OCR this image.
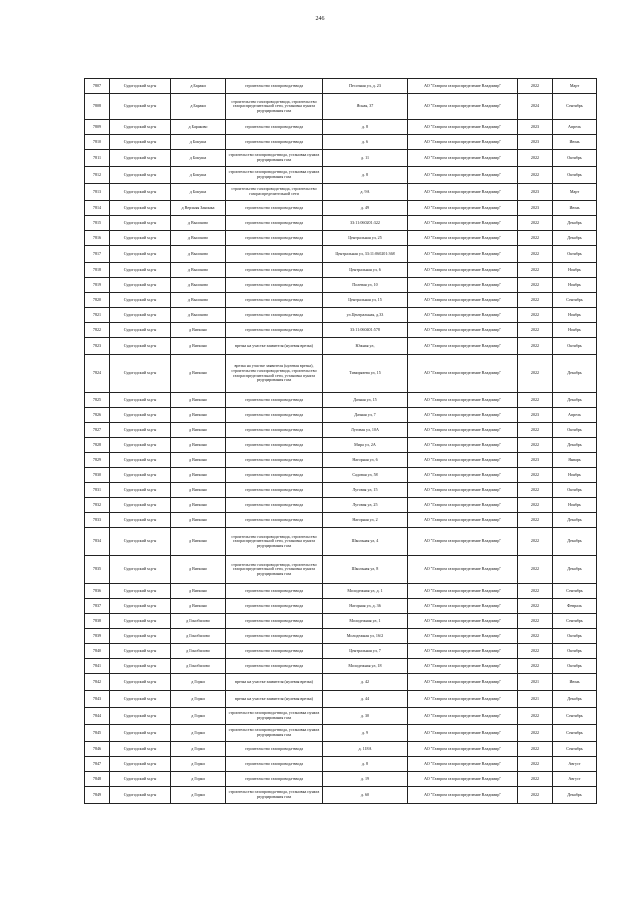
246
7807	Судогодский м.р-н	д Бараки	строительство газопровода-ввода	Песочная ул, д. 23	АО "Газпром газораспределение Владимир"	2022	Март
7808	Судогодский м р-н	д Бараки	строительство газопровода-ввода, строительство газораспределительной сети, установка пункта редуцирования газа	Ясная, 37	АО "Газпром газораспределение Владимир"	2024	Сентябрь
7809	Судогодский м.р-н	д Бараково	строительство газопровода-ввода	д. 8	АО "Газпром газораспределение Владимир"	2023	Апрель
7810	Судогодский м.р-н	д Бокуша	строительство газопровода-ввода	д. 6	АО "Газпром газораспределение Владимир"	2023	Июнь
7811	Судогодский м.р-н	д Бокуша	строительство газопровода-ввода, установка пункта редуцирования газа	д. 11	АО "Газпром газораспределение Владимир"	2022	Октябрь
7812	Судогодский м.р-н	д Бокуша	строительство газопровода-ввода, установка пункта редуцирования газа	д. 8	АО "Газпром газораспределение Владимир"	2022	Октябрь
7813	Судогодский м.р-н	д Бокуша	строительство газопровода-ввода, строительство газораспределительной сети	д. 9А	АО "Газпром газораспределение Владимир"	2023	Март
7814	Судогодский м.р-н	д Верхняя Занинка	строительство газопровода-ввода	д. 49	АО "Газпром газораспределение Владимир"	2023	Июнь
7815	Судогодский м.р-н	д Высоково	строительство газопровода-ввода	33:11:060201:322	АО "Газпром газораспределение Владимир"	2022	Декабрь
7816	Судогодский м.р-н	д Высоково	строительство газопровода-ввода	Центральная ул, 25	АО "Газпром газораспределение Владимир"	2022	Декабрь
7817	Судогодский м.р-н	д Высоково	строительство газопровода-ввода	Центральная ул, 33:11:060201:368	АО "Газпром газораспределение Владимир"	2022	Октябрь
7818	Судогодский м.р-н	д Высоково	строительство газопровода-ввода	Центральная ул, 6	АО "Газпром газораспределение Владимир"	2022	Ноябрь
7819	Судогодский м.р-н	д Высоково	строительство газопровода-ввода	Полевая ул, 10	АО "Газпром газораспределение Владимир"	2022	Ноябрь
7820	Судогодский м.р-н	д Высоково	строительство газопровода-ввода	Центральная ул, 15	АО "Газпром газораспределение Владимир"	2022	Сентябрь
7821	Судогодский м.р-н	д Высоково	строительство газопровода-ввода	ул.Центральная, д.33	АО "Газпром газораспределение Владимир"	2022	Ноябрь
7822	Судогодский м.р-н	д Вяткино	строительство газопровода-ввода	33:11:060401:578	АО "Газпром газораспределение Владимир"	2022	Ноябрь
7823	Судогодский м.р-н	д Вяткино	врезка на участке заявителя (нулевая врезка)	Южная ул,	АО "Газпром газораспределение Владимир"	2022	Октябрь
7824	Судогодский м.р-н	д Вяткино	врезка на участке заявителя (нулевая врезка), строительство газопровода-ввода, строительство газораспределительной сети, установка пункта редуцирования газа	Тимирязева ул, 15	АО "Газпром газораспределение Владимир"	2022	Декабрь
7825	Судогодский м.р-н	д Вяткино	строительство газопровода-ввода	Дачная ул, 15	АО "Газпром газораспределение Владимир"	2022	Декабрь
7826	Судогодский м.р-н	д Вяткино	строительство газопровода-ввода	Дачная ул, 7	АО "Газпром газораспределение Владимир"	2023	Апрель
7827	Судогодский м.р-н	д Вяткино	строительство газопровода-ввода	Луговая ул, 10А	АО "Газпром газораспределение Владимир"	2022	Октябрь
7828	Судогодский м.р-н	д Вяткино	строительство газопровода-ввода	Мира ул, 2А	АО "Газпром газораспределение Владимир"	2022	Декабрь
7829	Судогодский м.р-н	д Вяткино	строительство газопровода-ввода	Нагорная ул, 6	АО "Газпром газораспределение Владимир"	2023	Январь
7830	Судогодский м.р-н	д Вяткино	строительство газопровода-ввода	Садовая ул, 58	АО "Газпром газораспределение Владимир"	2022	Ноябрь
7831	Судогодский м.р-н	д Вяткино	строительство газопровода-ввода	Луговая ул, 15	АО "Газпром газораспределение Владимир"	2022	Октябрь
7832	Судогодский м.р-н	д Вяткино	строительство газопровода-ввода	Луговая ул, 25	АО "Газпром газораспределение Владимир"	2022	Ноябрь
7833	Судогодский м.р-н	д Вяткино	строительство газопровода-ввода	Нагорная ул, 2	АО "Газпром газораспределение Владимир"	2022	Декабрь
7834	Судогодский м.р-н	д Вяткино	строительство газопровода-ввода, строительство газораспределительной сети, установка пункта редуцирования газа	Школьная ул, 4	АО "Газпром газораспределение Владимир"	2022	Декабрь
7835	Судогодский м.р-н	д Вяткино	строительство газопровода-ввода, строительство газораспределительной сети, установка пункта редуцирования газа	Школьная ул, 8	АО "Газпром газораспределение Владимир"	2022	Декабрь
7836	Судогодский м.р-н	д Вяткино	строительство газопровода-ввода	Молодежная ул, д. 1	АО "Газпром газораспределение Владимир"	2022	Сентябрь
7837	Судогодский м.р-н	д Вяткино	строительство газопровода-ввода	Нагорная ул, д. 36	АО "Газпром газораспределение Владимир"	2022	Февраль
7838	Судогодский м.р-н	д Гонобилово	строительство газопровода-ввода	Молодежная ул, 1	АО "Газпром газораспределение Владимир"	2022	Сентябрь
7839	Судогодский м.р-н	д Гонобилово	строительство газопровода-ввода	Молодежная ул, 16/2	АО "Газпром газораспределение Владимир"	2022	Октябрь
7840	Судогодский м.р-н	д Гонобилово	строительство газопровода-ввода	Центральная ул, 7	АО "Газпром газораспределение Владимир"	2022	Октябрь
7841	Судогодский м.р-н	д Гонобилово	строительство газопровода-ввода	Молодежная ул, 18	АО "Газпром газораспределение Владимир"	2022	Октябрь
7842	Судогодский м.р-н	д Горки	врезка на участке заявителя (нулевая врезка)	д. 42	АО "Газпром газораспределение Владимир"	2021	Июнь
7843	Судогодский м.р-н	д Горки	врезка на участке заявителя (нулевая врезка)	д. 44	АО "Газпром газораспределение Владимир"	2021	Декабрь
7844	Судогодский м.р-н	д Горки	строительство газопровода-ввода, установка пункта редуцирования газа	д. 30	АО "Газпром газораспределение Владимир"	2022	Сентябрь
7845	Судогодский м.р-н	д Горки	строительство газопровода-ввода, установка пункта редуцирования газа	д. 9	АО "Газпром газораспределение Владимир"	2022	Сентябрь
7846	Судогодский м.р-н	д Горки	строительство газопровода-ввода	д. 118А	АО "Газпром газораспределение Владимир"	2022	Сентябрь
7847	Судогодский м.р-н	д Горки	строительство газопровода-ввода	д. 8	АО "Газпром газораспределение Владимир"	2022	Август
7848	Судогодский м.р-н	д Горки	строительство газопровода-ввода	д. 19	АО "Газпром газораспределение Владимир"	2022	Август
7849	Судогодский м.р-н	д Горки	строительство газопровода-ввода, установка пункта редуцирования газа	д. 60	АО "Газпром газораспределение Владимир"	2022	Декабрь
